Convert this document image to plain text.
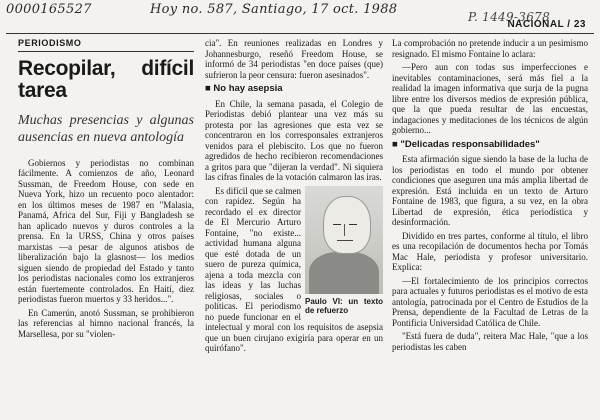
0000165527	Hoy no. 587, Santiago, 17 oct. 1988	P. 1449-3678
NACIONAL / 23
PERIODISMO
Recopilar, difícil tarea
Muchas presencias y algunas ausencias en nueva antología

Gobiernos y periodistas no combinan fácilmente. A comienzos de año, Leonard Sussman, de Freedom House, con sede en Nueva York, hizo un recuento poco alentador: en los últimos meses de 1987 en "Malasia, Panamá, Africa del Sur, Fiji y Bangladesh se han aplicado nuevos y duros controles a la prensa. En la URSS, China y otros países marxistas —a pesar de algunos atisbos de liberalización bajo la glasnost— los medios siguen siendo de propiedad del Estado y tanto los periodistas nacionales como los extranjeros están fuertemente controlados. En Haití, diez periodistas fueron muertos y 33 heridos...".

En Camerún, anotó Sussman, se prohibieron las referencias al himno nacional francés, la Marsellesa, por su "violen-

cia". En reuniones realizadas en Londres y Johannesburgo, reseñó Freedom House, se informó de 34 periodistas "en doce países (que) sufrieron la peor censura: fueron asesinados".

■ No hay asepsia

En Chile, la semana pasada, el Colegio de Periodistas debió plantear una vez más su protesta por las agresiones que esta vez se concentraron en los corresponsales extranjeros venidos para el plebiscito. Los que no fueron agredidos de hecho recibieron recomendaciones a gritos para que "dijeran la verdad". Ni siquiera las cifras finales de la votación calmaron las iras.

Paulo VI: un texto de refuerzo

Es difícil que se calmen con rapidez. Según ha recordado el ex director de El Mercurio Arturo Fontaine, "no existe... actividad humana alguna que esté dotada de un suero de pureza química, ajena a toda mezcla con las ideas y las luchas religiosas, sociales o políticas. El periodismo no puede funcionar en el intelectual y moral con los requisitos de asepsia que un buen cirujano exigiría para operar en un quirófano".

La comprobación no pretende inducir a un pesimismo resignado. El mismo Fontaine lo aclara:

—Pero aun con todas sus imperfecciones e inevitables contaminaciones, será más fiel a la realidad la imagen informativa que surja de la pugna libre entre los diversos medios de expresión pública, que la que pueda resultar de las encuestas, indagaciones y meditaciones de los técnicos de algún gobierno...

■ "Delicadas responsabilidades"

Esta afirmación sigue siendo la base de la lucha de los periodistas en todo el mundo por obtener condiciones que aseguren una más amplia libertad de expresión. Está incluida en un texto de Arturo Fontaine de 1983, que figura, a su vez, en la obra Libertad de expresión, ética periodística y desinformación.

Dividido en tres partes, conforme al título, el libro es una recopilación de documentos hecha por Tomás Mac Hale, periodista y profesor universitario. Explica:

—El fortalecimiento de los principios correctos para actuales y futuros periodistas es el motivo de esta antología, patrocinada por el Centro de Estudios de la Prensa, dependiente de la Facultad de Letras de la Pontificia Universidad Católica de Chile.

"Está fuera de duda", reitera Mac Hale, "que a los periodistas les caben
